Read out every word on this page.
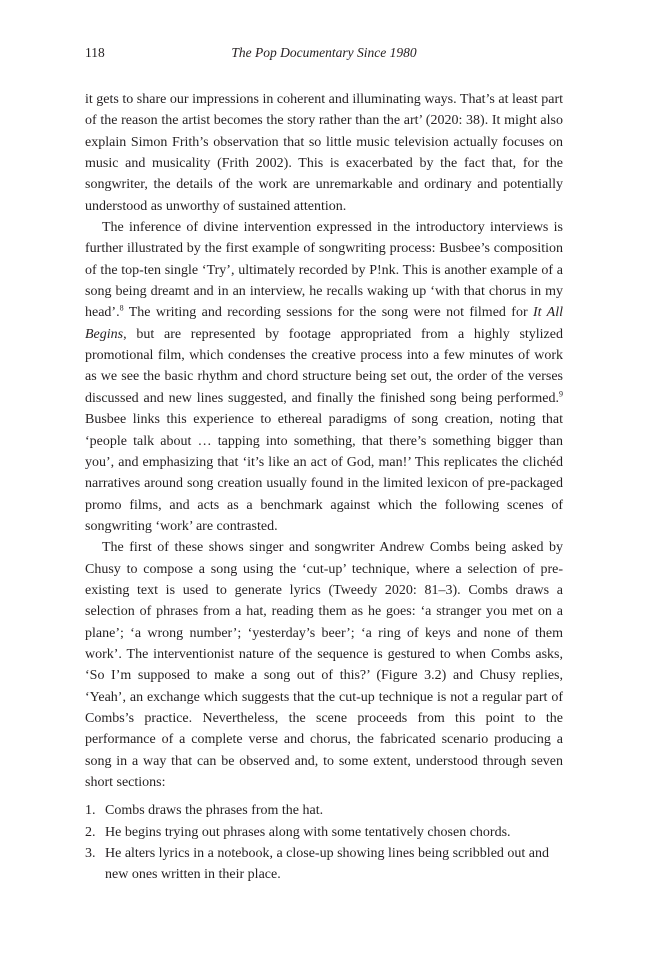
118	The Pop Documentary Since 1980

it gets to share our impressions in coherent and illuminating ways. That’s at least part of the reason the artist becomes the story rather than the art’ (2020: 38). It might also explain Simon Frith’s observation that so little music television actually focuses on music and musicality (Frith 2002). This is exacerbated by the fact that, for the songwriter, the details of the work are unremarkable and ordinary and potentially understood as unworthy of sustained attention.

The inference of divine intervention expressed in the introductory interviews is further illustrated by the first example of songwriting process: Busbee’s composition of the top-ten single ‘Try’, ultimately recorded by P!nk. This is another example of a song being dreamt and in an interview, he recalls waking up ‘with that chorus in my head’.$^8$ The writing and recording sessions for the song were not filmed for It All Begins, but are represented by footage appropriated from a highly stylized promotional film, which condenses the creative process into a few minutes of work as we see the basic rhythm and chord structure being set out, the order of the verses discussed and new lines suggested, and finally the finished song being performed.$^9$ Busbee links this experience to ethereal paradigms of song creation, noting that ‘people talk about … tapping into something, that there’s something bigger than you’, and emphasizing that ‘it’s like an act of God, man!’ This replicates the clichéd narratives around song creation usually found in the limited lexicon of pre-packaged promo films, and acts as a benchmark against which the following scenes of songwriting ‘work’ are contrasted.

The first of these shows singer and songwriter Andrew Combs being asked by Chusy to compose a song using the ‘cut-up’ technique, where a selection of pre-existing text is used to generate lyrics (Tweedy 2020: 81–3). Combs draws a selection of phrases from a hat, reading them as he goes: ‘a stranger you met on a plane’; ‘a wrong number’; ‘yesterday’s beer’; ‘a ring of keys and none of them work’. The interventionist nature of the sequence is gestured to when Combs asks, ‘So I’m supposed to make a song out of this?’ (Figure 3.2) and Chusy replies, ‘Yeah’, an exchange which suggests that the cut-up technique is not a regular part of Combs’s practice. Nevertheless, the scene proceeds from this point to the performance of a complete verse and chorus, the fabricated scenario producing a song in a way that can be observed and, to some extent, understood through seven short sections:

1. Combs draws the phrases from the hat.
2. He begins trying out phrases along with some tentatively chosen chords.
3. He alters lyrics in a notebook, a close-up showing lines being scribbled out and new ones written in their place.
